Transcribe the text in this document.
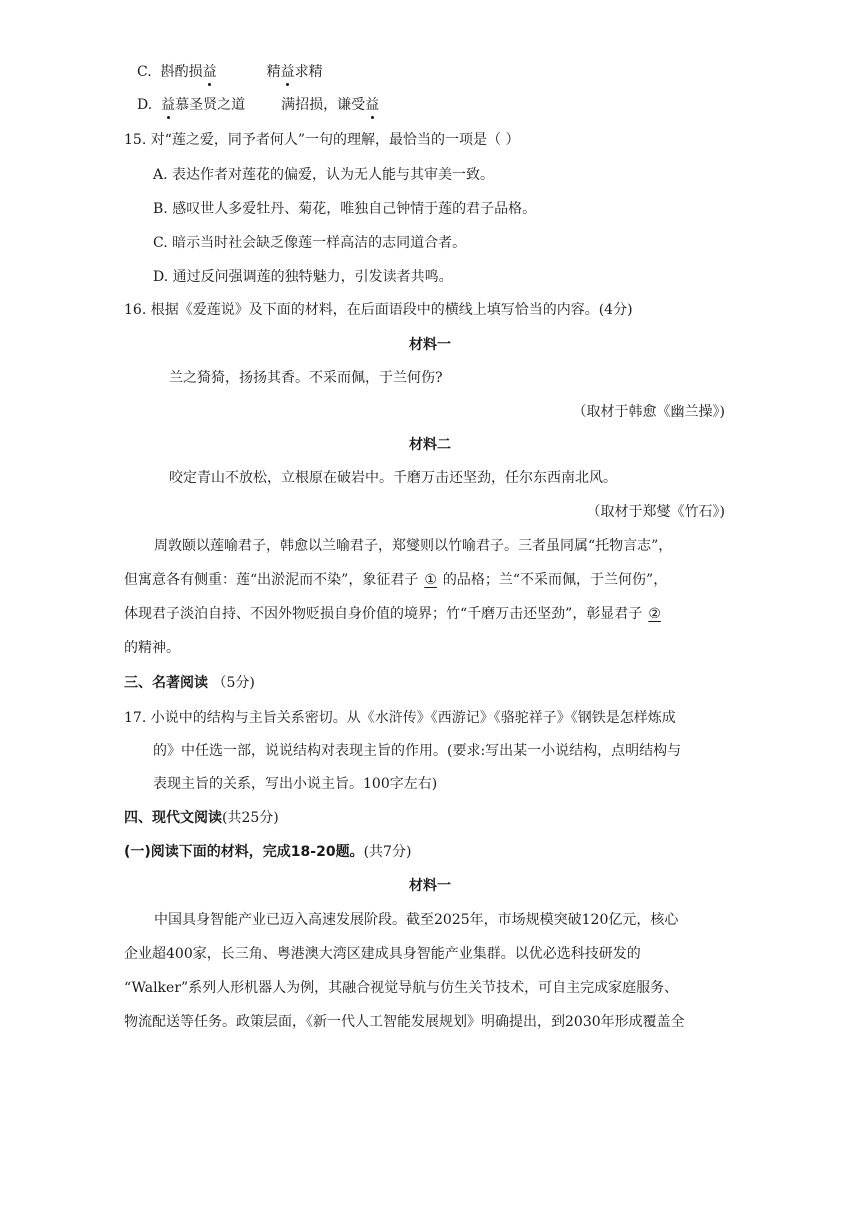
C. 斟酌损益	精益求精
D. 益慕圣贤之道	满招损，谦受益
15. 对“莲之爱，同予者何人”一句的理解，最恰当的一项是（ ）
A. 表达作者对莲花的偏爱，认为无人能与其审美一致。
B. 感叹世人多爱牡丹、菊花，唯独自己钟情于莲的君子品格。
C. 暗示当时社会缺乏像莲一样高洁的志同道合者。
D. 通过反问强调莲的独特魅力，引发读者共鸣。
16. 根据《爱莲说》及下面的材料，在后面语段中的横线上填写恰当的内容。(4分)
材料一
兰之猗猗，扬扬其香。不采而佩，于兰何伤?
（取材于韩愈《幽兰操》)
材料二
咬定青山不放松，立根原在破岩中。千磨万击还坚劲，任尔东西南北风。
（取材于郑燮《竹石》)
周敦颐以莲喻君子，韩愈以兰喻君子，郑燮则以竹喻君子。三者虽同属“托物言志”，
但寓意各有侧重：莲“出淤泥而不染”，象征君子 ① 的品格；兰“不采而佩，于兰何伤”，
体现君子淡泊自持、不因外物贬损自身价值的境界；竹“千磨万击还坚劲”，彰显君子 ②
的精神。
三、名著阅读 （5分)
17. 小说中的结构与主旨关系密切。从《水浒传》《西游记》《骆驼祥子》《钢铁是怎样炼成
的》中任选一部，说说结构对表现主旨的作用。(要求:写出某一小说结构，点明结构与
表现主旨的关系，写出小说主旨。100字左右)
四、现代文阅读(共25分)
(一)阅读下面的材料，完成18-20题。(共7分)
材料一
中国具身智能产业已迈入高速发展阶段。截至2025年，市场规模突破120亿元，核心
企业超400家，长三角、粤港澳大湾区建成具身智能产业集群。以优必选科技研发的
“Walker”系列人形机器人为例，其融合视觉导航与仿生关节技术，可自主完成家庭服务、
物流配送等任务。政策层面，《新一代人工智能发展规划》明确提出，到2030年形成覆盖全
